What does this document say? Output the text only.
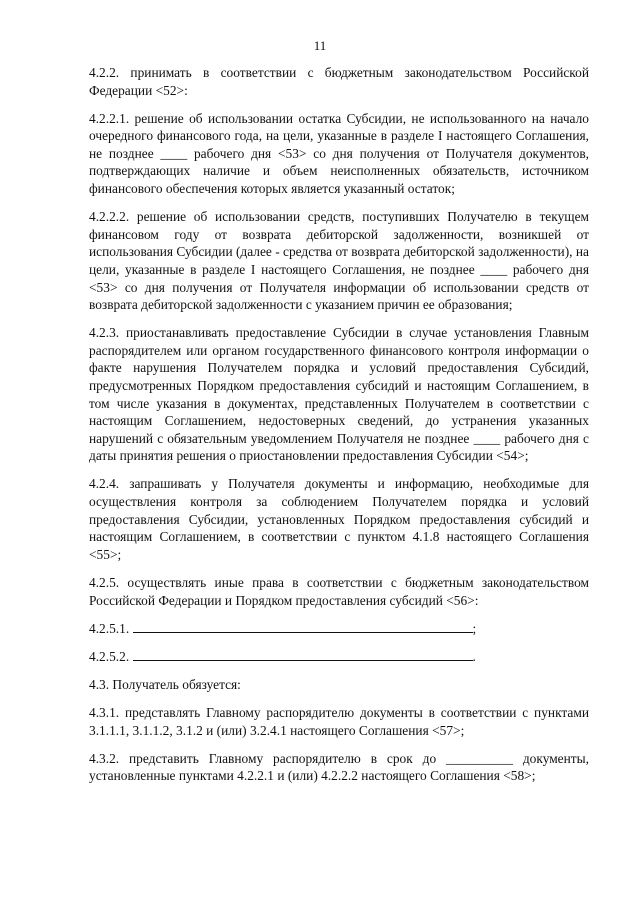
11

4.2.2. принимать в соответствии с бюджетным законодательством Российской Федерации <52>:

4.2.2.1. решение об использовании остатка Субсидии, не использованного на начало очередного финансового года, на цели, указанные в разделе I настоящего Соглашения, не позднее ____ рабочего дня <53> со дня получения от Получателя документов, подтверждающих наличие и объем неисполненных обязательств, источником финансового обеспечения которых является указанный остаток;

4.2.2.2. решение об использовании средств, поступивших Получателю в текущем финансовом году от возврата дебиторской задолженности, возникшей от использования Субсидии (далее - средства от возврата дебиторской задолженности), на цели, указанные в разделе I настоящего Соглашения, не позднее ____ рабочего дня <53> со дня получения от Получателя информации об использовании средств от возврата дебиторской задолженности с указанием причин ее образования;

4.2.3. приостанавливать предоставление Субсидии в случае установления Главным распорядителем или органом государственного финансового контроля информации о факте нарушения Получателем порядка и условий предоставления Субсидий, предусмотренных Порядком предоставления субсидий и настоящим Соглашением, в том числе указания в документах, представленных Получателем в соответствии с настоящим Соглашением, недостоверных сведений, до устранения указанных нарушений с обязательным уведомлением Получателя не позднее ____ рабочего дня с даты принятия решения о приостановлении предоставления Субсидии <54>;

4.2.4. запрашивать у Получателя документы и информацию, необходимые для осуществления контроля за соблюдением Получателем порядка и условий предоставления Субсидии, установленных Порядком предоставления субсидий и настоящим Соглашением, в соответствии с пунктом 4.1.8 настоящего Соглашения <55>;

4.2.5. осуществлять иные права в соответствии с бюджетным законодательством Российской Федерации и Порядком предоставления субсидий <56>:

4.2.5.1.	;
4.2.5.2.	.

4.3. Получатель обязуется:

4.3.1. представлять Главному распорядителю документы в соответствии с пунктами 3.1.1.1, 3.1.1.2, 3.1.2 и (или) 3.2.4.1 настоящего Соглашения <57>;

4.3.2. представить Главному распорядителю в срок до __________ документы, установленные пунктами 4.2.2.1 и (или) 4.2.2.2 настоящего Соглашения <58>;
